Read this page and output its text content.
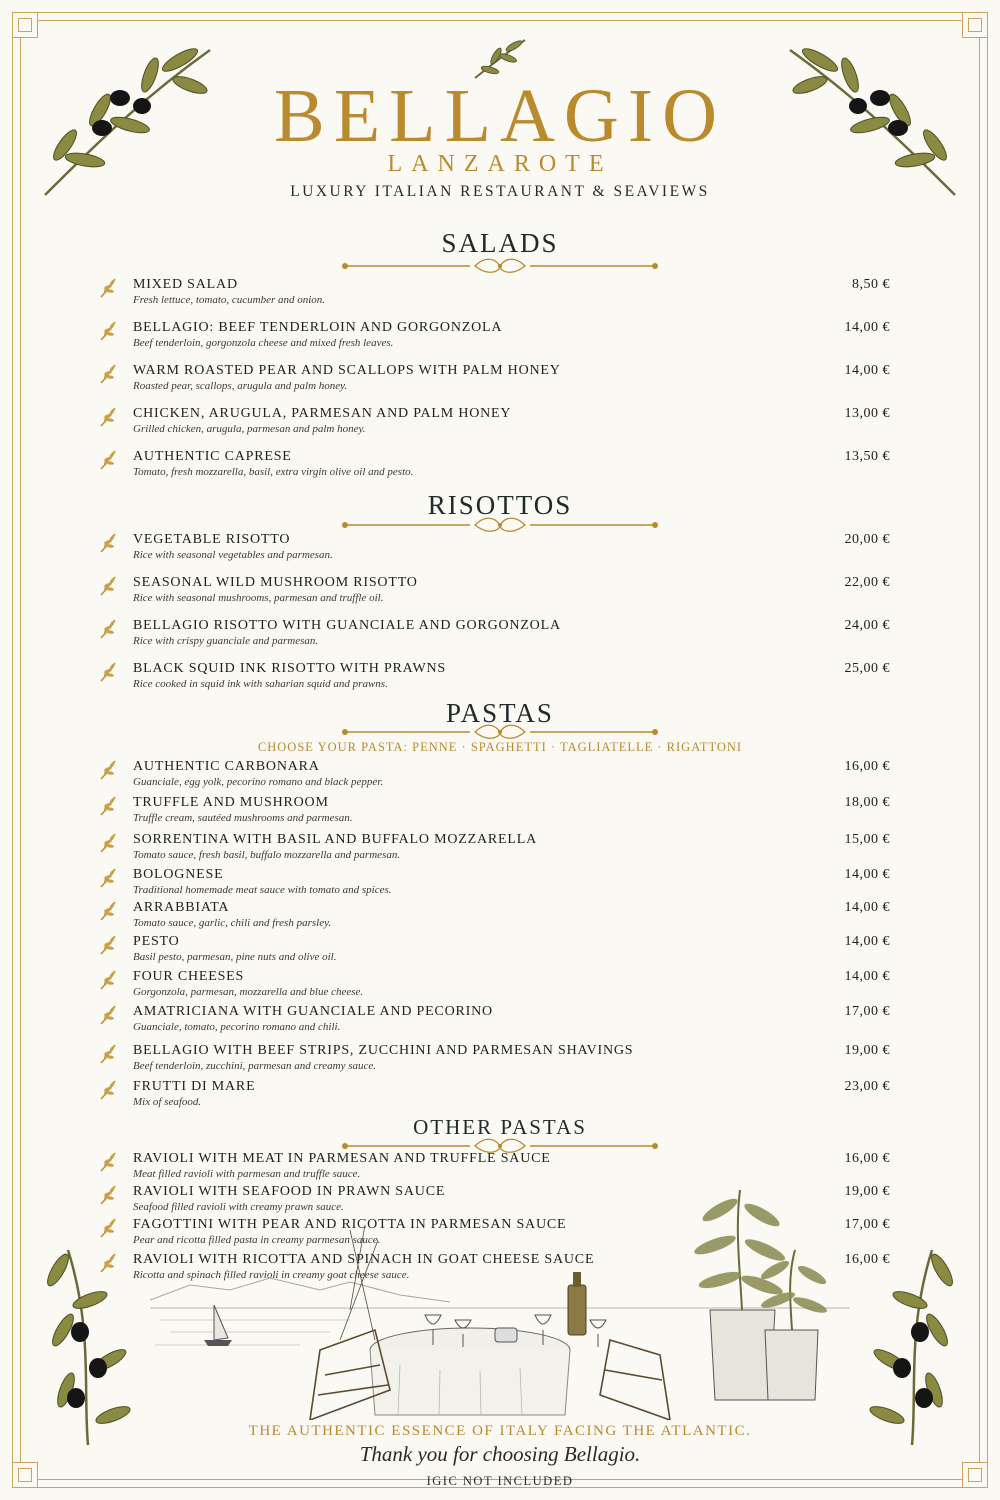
BELLAGIO
LANZAROTE
LUXURY ITALIAN RESTAURANT & SEAVIEWS
SALADS
RISOTTOS
PASTAS
CHOOSE YOUR PASTA: PENNE · SPAGHETTI · TAGLIATELLE · RIGATTONI
OTHER PASTAS
MIXED SALAD
Fresh lettuce, tomato, cucumber and onion.
8,50 €
BELLAGIO: BEEF TENDERLOIN AND GORGONZOLA
Beef tenderloin, gorgonzola cheese and mixed fresh leaves.
14,00 €
WARM ROASTED PEAR AND SCALLOPS WITH PALM HONEY
Roasted pear, scallops, arugula and palm honey.
14,00 €
CHICKEN, ARUGULA, PARMESAN AND PALM HONEY
Grilled chicken, arugula, parmesan and palm honey.
13,00 €
AUTHENTIC CAPRESE
Tomato, fresh mozzarella, basil, extra virgin olive oil and pesto.
13,50 €
VEGETABLE RISOTTO
Rice with seasonal vegetables and parmesan.
20,00 €
SEASONAL WILD MUSHROOM RISOTTO
Rice with seasonal mushrooms, parmesan and truffle oil.
22,00 €
BELLAGIO RISOTTO WITH GUANCIALE AND GORGONZOLA
Rice with crispy guanciale and parmesan.
24,00 €
BLACK SQUID INK RISOTTO WITH PRAWNS
Rice cooked in squid ink with saharian squid and prawns.
25,00 €
AUTHENTIC CARBONARA
Guanciale, egg yolk, pecorino romano and black pepper.
16,00 €
TRUFFLE AND MUSHROOM
Truffle cream, sautéed mushrooms and parmesan.
18,00 €
SORRENTINA WITH BASIL AND BUFFALO MOZZARELLA
Tomato sauce, fresh basil, buffalo mozzarella and parmesan.
15,00 €
BOLOGNESE
Traditional homemade meat sauce with tomato and spices.
14,00 €
ARRABBIATA
Tomato sauce, garlic, chili and fresh parsley.
14,00 €
PESTO
Basil pesto, parmesan, pine nuts and olive oil.
14,00 €
FOUR CHEESES
Gorgonzola, parmesan, mozzarella and blue cheese.
14,00 €
AMATRICIANA WITH GUANCIALE AND PECORINO
Guanciale, tomato, pecorino romano and chili.
17,00 €
BELLAGIO WITH BEEF STRIPS, ZUCCHINI AND PARMESAN SHAVINGS
Beef tenderloin, zucchini, parmesan and creamy sauce.
19,00 €
FRUTTI DI MARE
Mix of seafood.
23,00 €
RAVIOLI WITH MEAT IN PARMESAN AND TRUFFLE SAUCE
Meat filled ravioli with parmesan and truffle sauce.
16,00 €
RAVIOLI WITH SEAFOOD IN PRAWN SAUCE
Seafood filled ravioli with creamy prawn sauce.
19,00 €
FAGOTTINI WITH PEAR AND RICOTTA IN PARMESAN SAUCE
Pear and ricotta filled pasta in creamy parmesan sauce.
17,00 €
RAVIOLI WITH RICOTTA AND SPINACH IN GOAT CHEESE SAUCE
Ricotta and spinach filled ravioli in creamy goat cheese sauce.
16,00 €
THE AUTHENTIC ESSENCE OF ITALY FACING THE ATLANTIC.
Thank you for choosing Bellagio.
IGIC NOT INCLUDED
